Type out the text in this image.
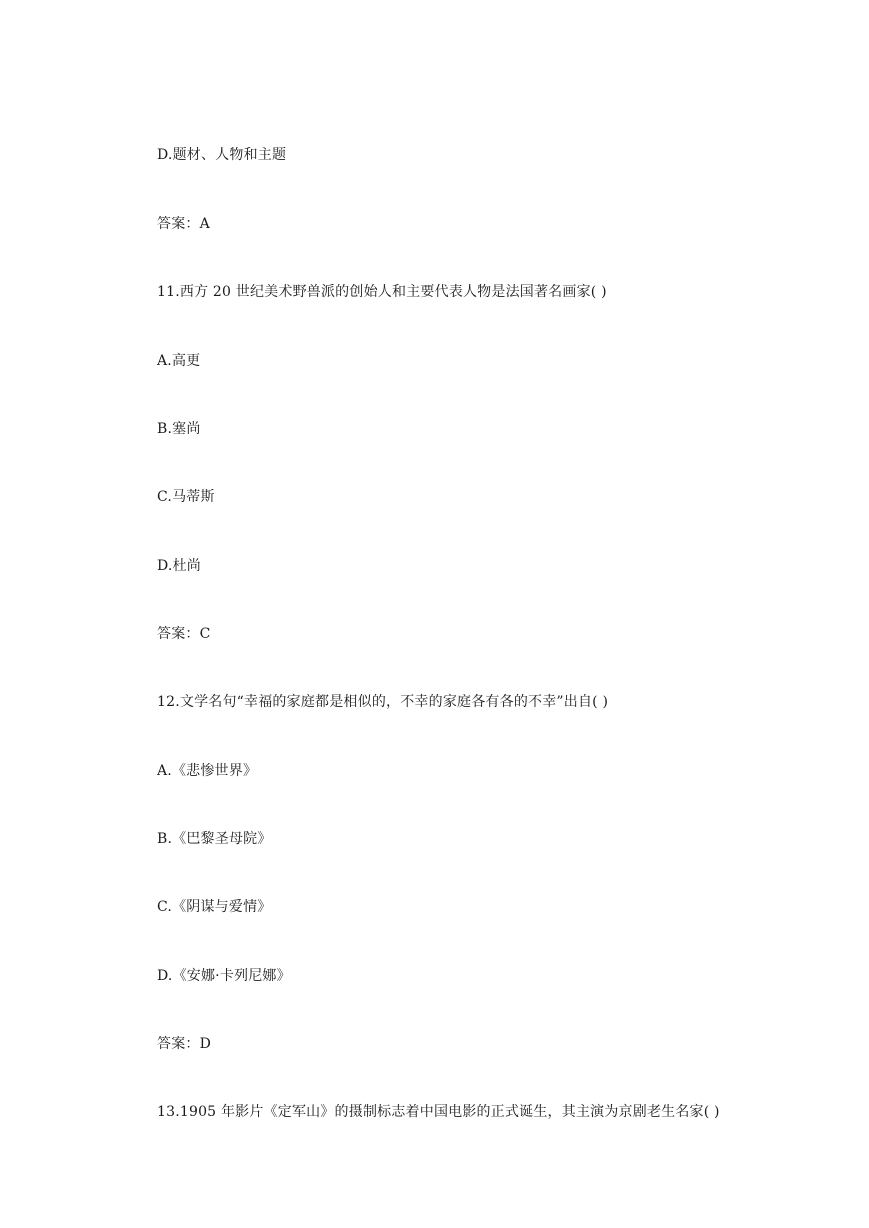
D.题材、人物和主题
答案：A
11.西方 20 世纪美术野兽派的创始人和主要代表人物是法国著名画家( )
A.高更
B.塞尚
C.马蒂斯
D.杜尚
答案：C
12.文学名句“幸福的家庭都是相似的，不幸的家庭各有各的不幸”出自( )
A.《悲惨世界》
B.《巴黎圣母院》
C.《阴谋与爱情》
D.《安娜·卡列尼娜》
答案：D
13.1905 年影片《定军山》的摄制标志着中国电影的正式诞生，其主演为京剧老生名家( )
